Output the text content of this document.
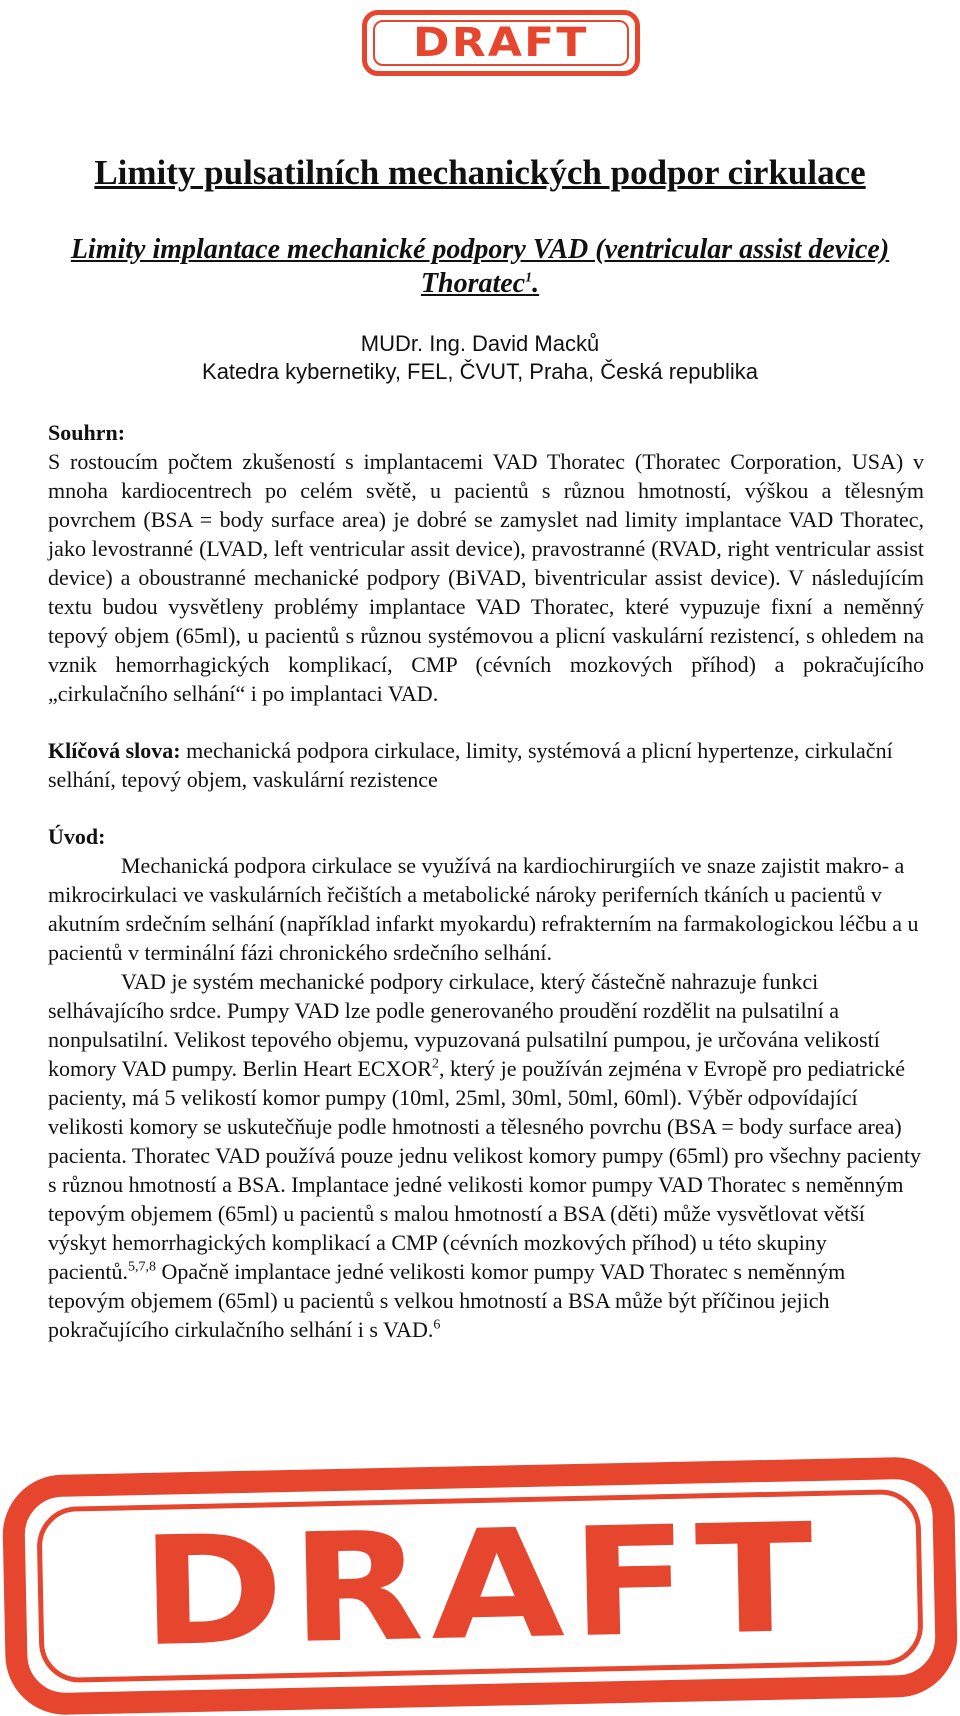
DRAFT
Limity pulsatilních mechanických podpor cirkulace

Limity implantace mechanické podpory VAD (ventricular assist device) Thoratec$^1$.

MUDr. Ing. David Macků
Katedra kybernetiky, FEL, ČVUT, Praha, Česká republika
Souhrn:

S rostoucím počtem zkušeností s implantacemi VAD Thoratec (Thoratec Corporation, USA) v mnoha kardiocentrech po celém světě, u pacientů s různou hmotností, výškou a tělesným povrchem (BSA = body surface area) je dobré se zamyslet nad limity implantace VAD Thoratec, jako levostranné (LVAD, left ventricular assit device), pravostranné (RVAD, right ventricular assist device) a oboustranné mechanické podpory (BiVAD, biventricular assist device). V následujícím textu budou vysvětleny problémy implantace VAD Thoratec, které vypuzuje fixní a neměnný tepový objem (65ml), u pacientů s různou systémovou a plicní vaskulární rezistencí, s ohledem na vznik hemorrhagických komplikací, CMP (cévních mozkových příhod) a pokračujícího „cirkulačního selhání“ i po implantaci VAD.

Klíčová slova: mechanická podpora cirkulace, limity, systémová a plicní hypertenze, cirkulační selhání, tepový objem, vaskulární rezistence

Úvod:

Mechanická podpora cirkulace se využívá na kardiochirurgiích ve snaze zajistit makro- a mikrocirkulaci ve vaskulárních řečištích a metabolické nároky periferních tkáních u pacientů v akutním srdečním selhání (například infarkt myokardu) refrakterním na farmakologickou léčbu a u pacientů v terminální fázi chronického srdečního selhání.

VAD je systém mechanické podpory cirkulace, který částečně nahrazuje funkci selhávajícího srdce. Pumpy VAD lze podle generovaného proudění rozdělit na pulsatilní a nonpulsatilní. Velikost tepového objemu, vypuzovaná pulsatilní pumpou, je určována velikostí komory VAD pumpy. Berlin Heart ECXOR$^2$, který je používán zejména v Evropě pro pediatrické pacienty, má 5 velikostí komor pumpy (10ml, 25ml, 30ml, 50ml, 60ml). Výběr odpovídající velikosti komory se uskutečňuje podle hmotnosti a tělesného povrchu (BSA = body surface area) pacienta. Thoratec VAD používá pouze jednu velikost komory pumpy (65ml) pro všechny pacienty s různou hmotností a BSA. Implantace jedné velikosti komor pumpy VAD Thoratec s neměnným tepovým objemem (65ml) u pacientů s malou hmotností a BSA (děti) může vysvětlovat větší výskyt hemorrhagických komplikací a CMP (cévních mozkových příhod) u této skupiny pacientů.$^{5,7,8}$ Opačně implantace jedné velikosti komor pumpy VAD Thoratec s neměnným tepovým objemem (65ml) u pacientů s velkou hmotností a BSA může být příčinou jejich pokračujícího cirkulačního selhání i s VAD.$^6$

DRAFT
